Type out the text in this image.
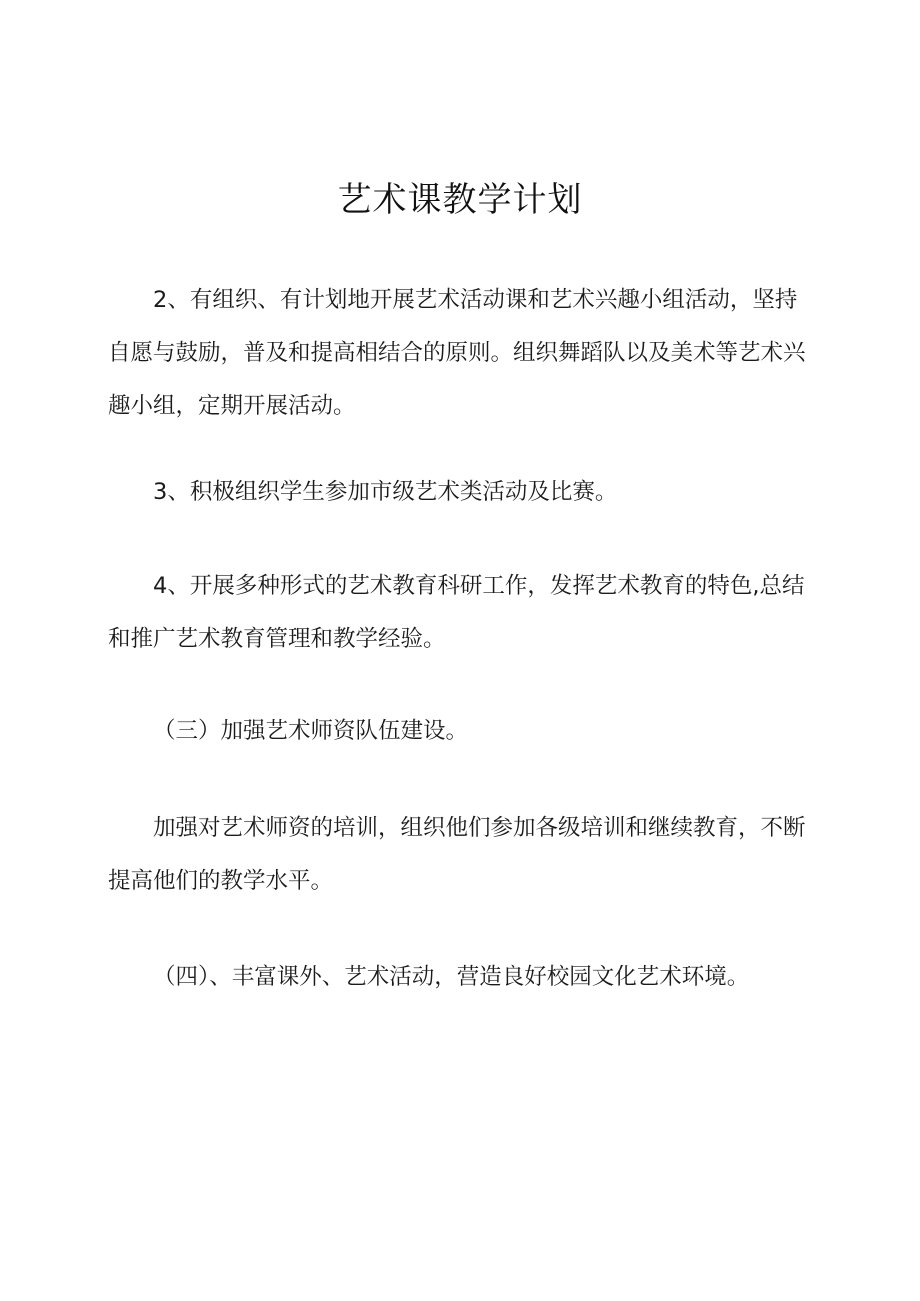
艺术课教学计划

2、有组织、有计划地开展艺术活动课和艺术兴趣小组活动，坚持自愿与鼓励，普及和提高相结合的原则。组织舞蹈队以及美术等艺术兴趣小组，定期开展活动。

3、积极组织学生参加市级艺术类活动及比赛。

4、开展多种形式的艺术教育科研工作，发挥艺术教育的特色,总结和推广艺术教育管理和教学经验。

（三）加强艺术师资队伍建设。

加强对艺术师资的培训，组织他们参加各级培训和继续教育，不断提高他们的教学水平。

（四）、丰富课外、艺术活动，营造良好校园文化艺术环境。
